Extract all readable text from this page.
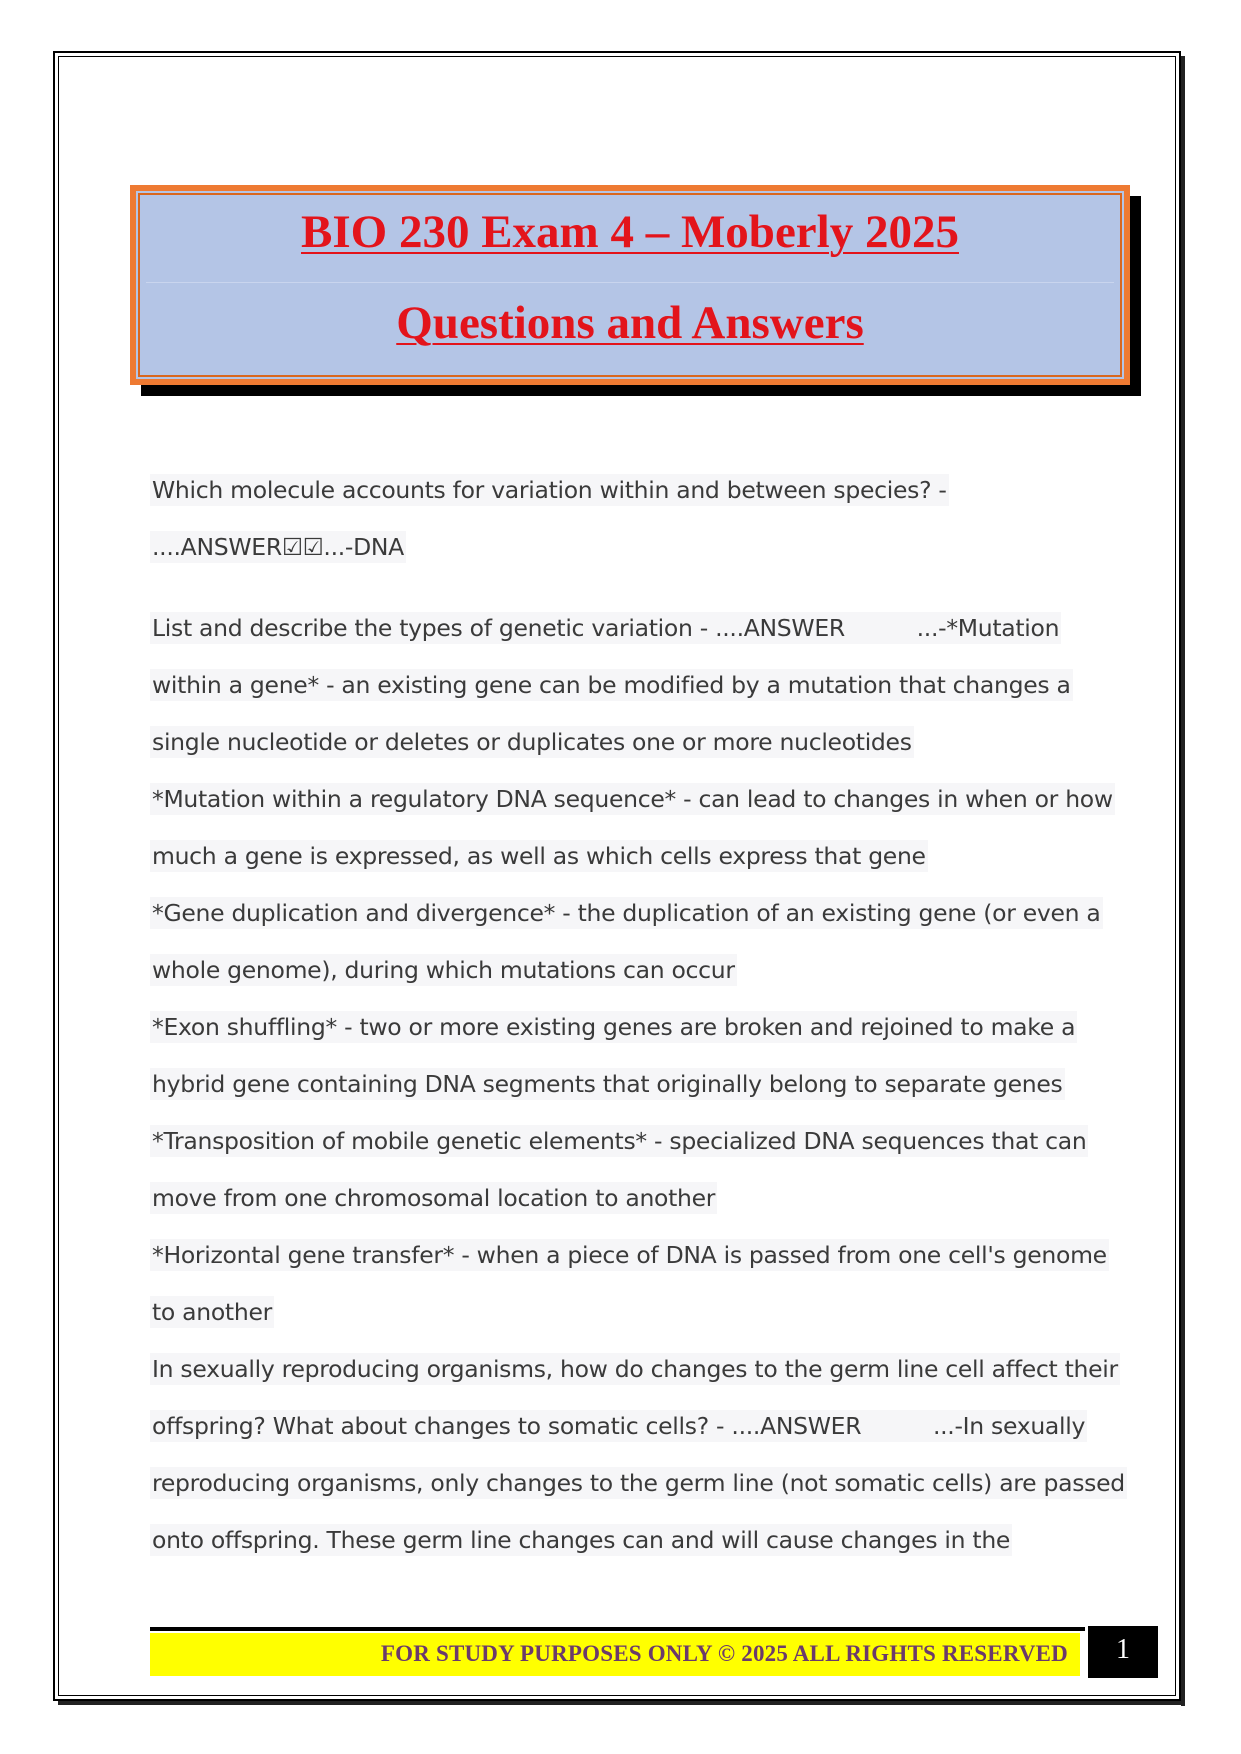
BIO 230 Exam 4 – Moberly 2025
Questions and Answers
Which molecule accounts for variation within and between species? -
....ANSWER☑☑...-DNA
List and describe the types of genetic variation - ....ANSWER          ...-*Mutation
within a gene* - an existing gene can be modified by a mutation that changes a
single nucleotide or deletes or duplicates one or more nucleotides
*Mutation within a regulatory DNA sequence* - can lead to changes in when or how
much a gene is expressed, as well as which cells express that gene
*Gene duplication and divergence* - the duplication of an existing gene (or even a
whole genome), during which mutations can occur
*Exon shuffling* - two or more existing genes are broken and rejoined to make a
hybrid gene containing DNA segments that originally belong to separate genes
*Transposition of mobile genetic elements* - specialized DNA sequences that can
move from one chromosomal location to another
*Horizontal gene transfer* - when a piece of DNA is passed from one cell's genome
to another
In sexually reproducing organisms, how do changes to the germ line cell affect their
offspring? What about changes to somatic cells? - ....ANSWER          ...-In sexually
reproducing organisms, only changes to the germ line (not somatic cells) are passed
onto offspring. These germ line changes can and will cause changes in the
FOR STUDY PURPOSES ONLY © 2025 ALL RIGHTS RESERVED	1
